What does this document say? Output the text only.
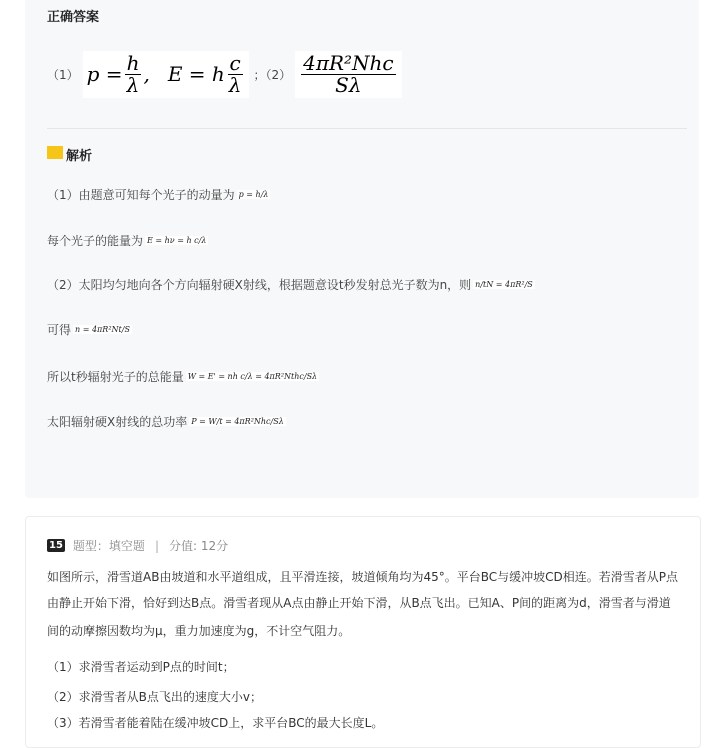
正确答案
（1） $p = \frac{h}{\lambda}$ , E = h $\frac{c}{\lambda}$ ；$(2) \frac{\text{4πR²Nhc}}{S\lambda}$
解析
（1）由题意可知每个光子的动量为 p = h/λ
每个光子的能量为 E = hν = h c/λ
（2）太阳均匀地向各个方向辐射硬X射线，根据题意设t秒发射总光子数为n，则 n/tN = 4πR²/S
可得 n = 4πR²Nt/S
所以t秒辐射光子的总能量 W = E' = nh c/λ = 4πR²Nthc/Sλ
太阳辐射硬X射线的总功率 P = W/t = 4πR²Nhc/Sλ
15 题型：填空题 | 分值: 12分
如图所示，滑雪道AB由坡道和水平道组成，且平滑连接，坡道倾角均为45°。平台BC与缓冲坡CD相连。若滑雪者从P点
由静止开始下滑，恰好到达B点。滑雪者现从A点由静止开始下滑，从B点飞出。已知A、P间的距离为d，滑雪者与滑道
间的动摩擦因数均为μ，重力加速度为g，不计空气阻力。
（1）求滑雪者运动到P点的时间t；
（2）求滑雪者从B点飞出的速度大小v；
（3）若滑雪者能着陆在缓冲坡CD上，求平台BC的最大长度L。
